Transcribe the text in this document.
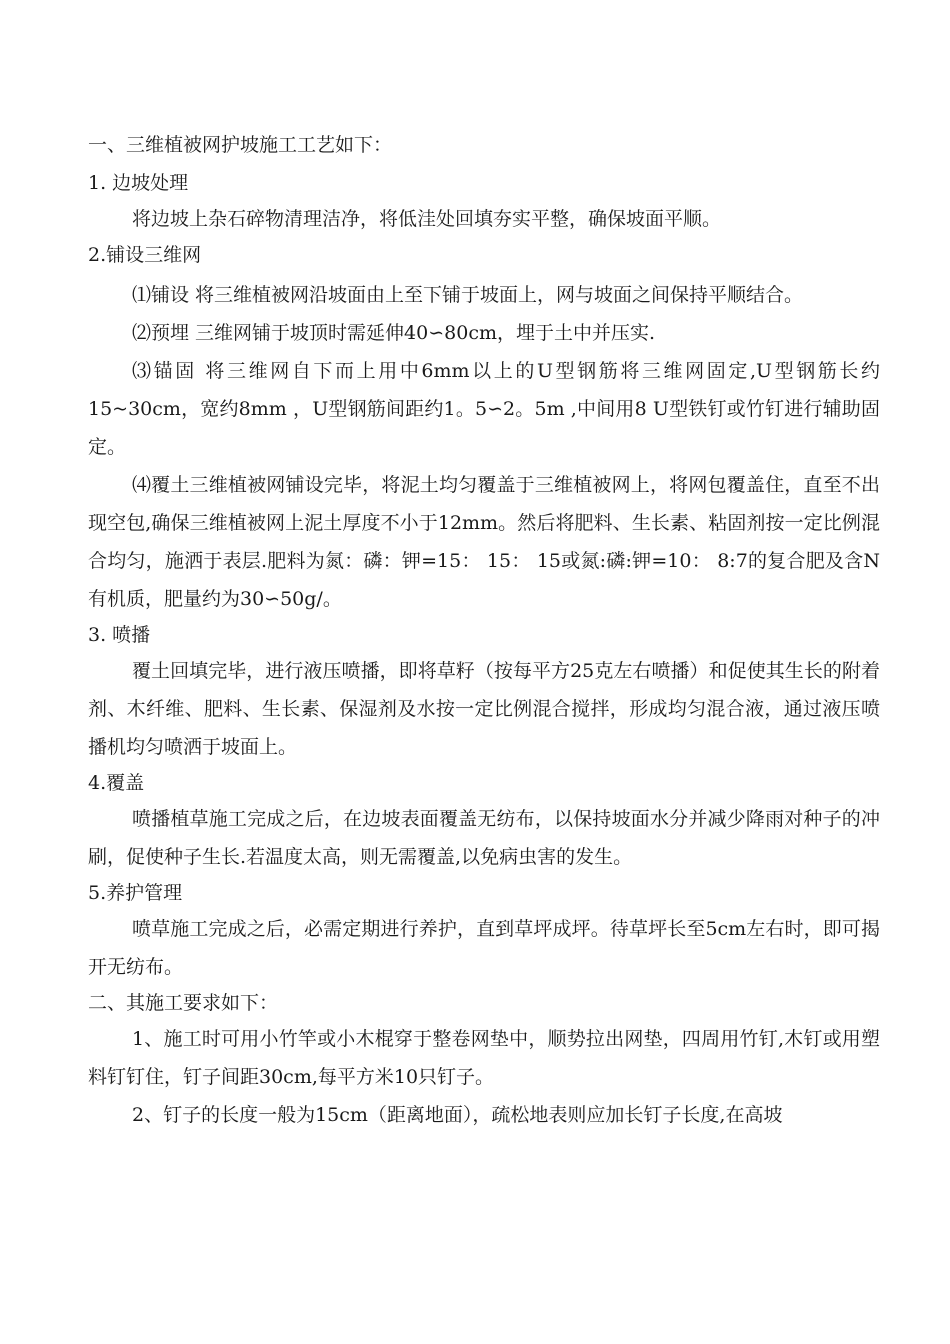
一、三维植被网护坡施工工艺如下：

1. 边坡处理

将边坡上杂石碎物清理洁净，将低洼处回填夯实平整，确保坡面平顺。

2.铺设三维网

⑴铺设 将三维植被网沿坡面由上至下铺于坡面上，网与坡面之间保持平顺结合。

⑵预埋 三维网铺于坡顶时需延伸40∽80cm，埋于土中并压实.

⑶锚固 将三维网自下而上用中6mm以上的U型钢筋将三维网固定,U型钢筋长约15~30cm，宽约8mm ，U型钢筋间距约1。5∽2。5m ,中间用8 U型铁钉或竹钉进行辅助固定。

⑷覆土三维植被网铺设完毕，将泥土均匀覆盖于三维植被网上，将网包覆盖住，直至不出现空包,确保三维植被网上泥土厚度不小于12mm。然后将肥料、生长素、粘固剂按一定比例混合均匀，施洒于表层.肥料为氮：磷：钾=15： 15： 15或氮:磷:钾=10： 8:7的复合肥及含N有机质，肥量约为30∽50g/。

3. 喷播

覆土回填完毕，进行液压喷播，即将草籽（按每平方25克左右喷播）和促使其生长的附着剂、木纤维、肥料、生长素、保湿剂及水按一定比例混合搅拌，形成均匀混合液，通过液压喷播机均匀喷洒于坡面上。

4.覆盖

喷播植草施工完成之后，在边坡表面覆盖无纺布，以保持坡面水分并减少降雨对种子的冲刷，促使种子生长.若温度太高，则无需覆盖,以免病虫害的发生。

5.养护管理

喷草施工完成之后，必需定期进行养护，直到草坪成坪。待草坪长至5cm左右时，即可揭开无纺布。

二、其施工要求如下：

1、施工时可用小竹竿或小木棍穿于整卷网垫中，顺势拉出网垫，四周用竹钉,木钉或用塑料钉钉住，钉子间距30cm,每平方米10只钉子。

2、钉子的长度一般为15cm（距离地面），疏松地表则应加长钉子长度,在高坡
